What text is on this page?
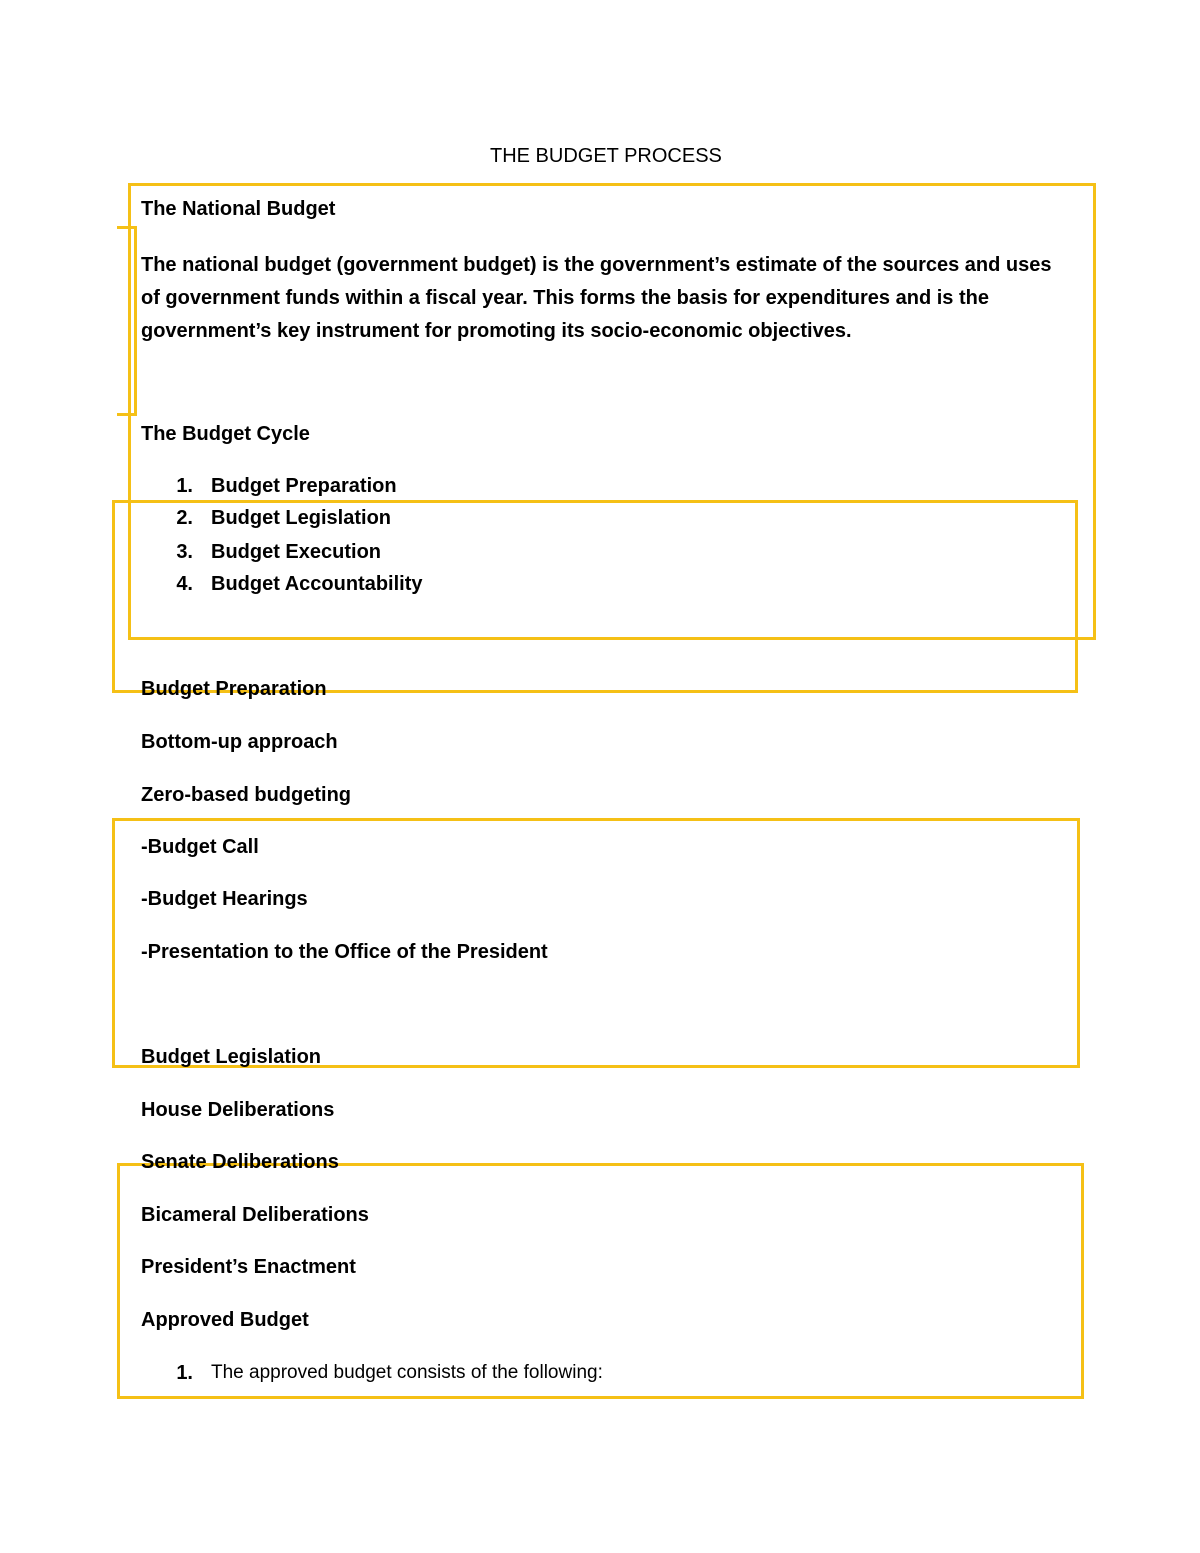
THE BUDGET PROCESS
The National Budget
The national budget (government budget) is the government’s estimate of the sources and uses of government funds within a fiscal year. This forms the basis for expenditures and is the government’s key instrument for promoting its socio-economic objectives.
The Budget Cycle
1. Budget Preparation
2. Budget Legislation
3. Budget Execution
4. Budget Accountability
Budget Preparation
Bottom-up approach
Zero-based budgeting
-Budget Call
-Budget Hearings
-Presentation to the Office of the President
Budget Legislation
House Deliberations
Senate Deliberations
Bicameral Deliberations
President’s Enactment
Approved Budget
1. The approved budget consists of the following:
